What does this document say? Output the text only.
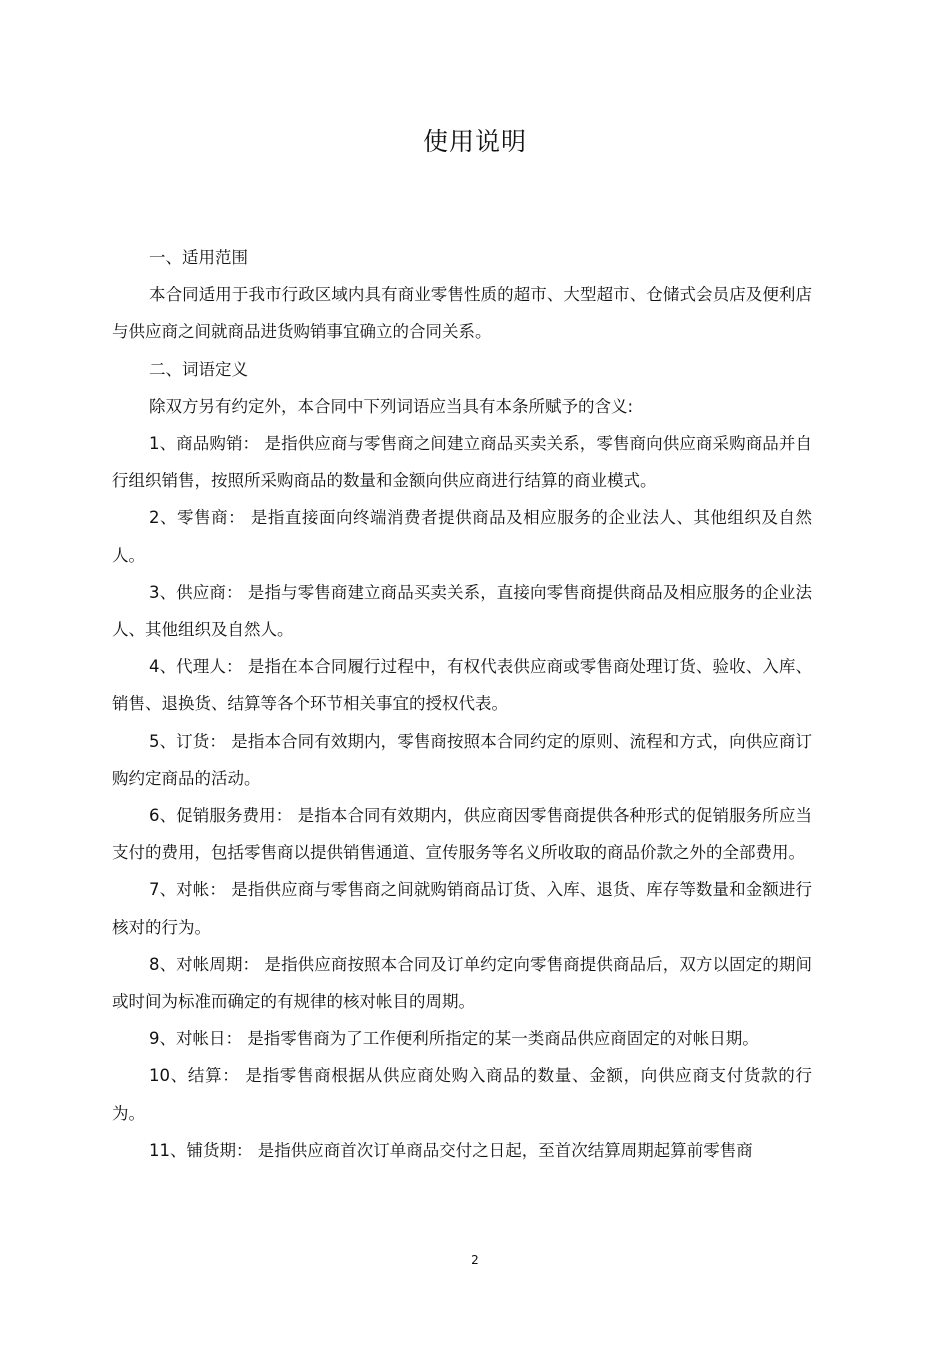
使用说明

一、适用范围

本合同适用于我市行政区域内具有商业零售性质的超市、大型超市、仓储式会员店及便利店与供应商之间就商品进货购销事宜确立的合同关系。

二、词语定义

除双方另有约定外，本合同中下列词语应当具有本条所赋予的含义:

1、商品购销： 是指供应商与零售商之间建立商品买卖关系，零售商向供应商采购商品并自行组织销售，按照所采购商品的数量和金额向供应商进行结算的商业模式。

2、零售商： 是指直接面向终端消费者提供商品及相应服务的企业法人、其他组织及自然人。

3、供应商： 是指与零售商建立商品买卖关系，直接向零售商提供商品及相应服务的企业法人、其他组织及自然人。

4、代理人： 是指在本合同履行过程中，有权代表供应商或零售商处理订货、验收、入库、销售、退换货、结算等各个环节相关事宜的授权代表。

5、订货： 是指本合同有效期内，零售商按照本合同约定的原则、流程和方式，向供应商订购约定商品的活动。

6、促销服务费用： 是指本合同有效期内，供应商因零售商提供各种形式的促销服务所应当支付的费用，包括零售商以提供销售通道、宣传服务等名义所收取的商品价款之外的全部费用。

7、对帐： 是指供应商与零售商之间就购销商品订货、入库、退货、库存等数量和金额进行核对的行为。

8、对帐周期： 是指供应商按照本合同及订单约定向零售商提供商品后，双方以固定的期间或时间为标准而确定的有规律的核对帐目的周期。

9、对帐日： 是指零售商为了工作便利所指定的某一类商品供应商固定的对帐日期。

10、结算： 是指零售商根据从供应商处购入商品的数量、金额，向供应商支付货款的行为。

11、铺货期： 是指供应商首次订单商品交付之日起，至首次结算周期起算前零售商

2
